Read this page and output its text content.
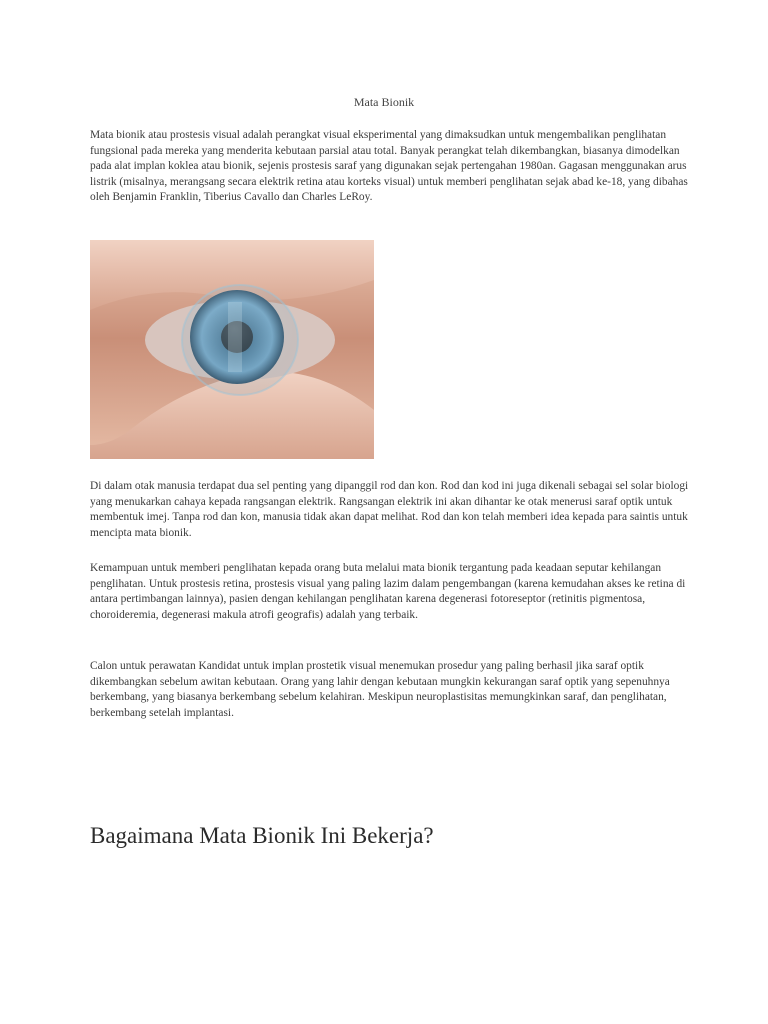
Mata Bionik

Mata bionik atau prostesis visual adalah perangkat visual eksperimental yang dimaksudkan untuk mengembalikan penglihatan fungsional pada mereka yang menderita kebutaan parsial atau total. Banyak perangkat telah dikembangkan, biasanya dimodelkan pada alat implan koklea atau bionik, sejenis prostesis saraf yang digunakan sejak pertengahan 1980an. Gagasan menggunakan arus listrik (misalnya, merangsang secara elektrik retina atau korteks visual) untuk memberi penglihatan sejak abad ke-18, yang dibahas oleh Benjamin Franklin, Tiberius Cavallo dan Charles LeRoy.

Di dalam otak manusia terdapat dua sel penting yang dipanggil rod dan kon. Rod dan kod ini juga dikenali sebagai sel solar biologi yang menukarkan cahaya kepada rangsangan elektrik. Rangsangan elektrik ini akan dihantar ke otak menerusi saraf optik untuk membentuk imej. Tanpa rod dan kon, manusia tidak akan dapat melihat. Rod dan kon telah memberi idea kepada para saintis untuk mencipta mata bionik.

Kemampuan untuk memberi penglihatan kepada orang buta melalui mata bionik tergantung pada keadaan seputar kehilangan penglihatan. Untuk prostesis retina, prostesis visual yang paling lazim dalam pengembangan (karena kemudahan akses ke retina di antara pertimbangan lainnya), pasien dengan kehilangan penglihatan karena degenerasi fotoreseptor (retinitis pigmentosa, choroideremia, degenerasi makula atrofi geografis) adalah yang terbaik.

Calon untuk perawatan Kandidat untuk implan prostetik visual menemukan prosedur yang paling berhasil jika saraf optik dikembangkan sebelum awitan kebutaan. Orang yang lahir dengan kebutaan mungkin kekurangan saraf optik yang sepenuhnya berkembang, yang biasanya berkembang sebelum kelahiran. Meskipun neuroplastisitas memungkinkan saraf, dan penglihatan, berkembang setelah implantasi.

Bagaimana Mata Bionik Ini Bekerja?
